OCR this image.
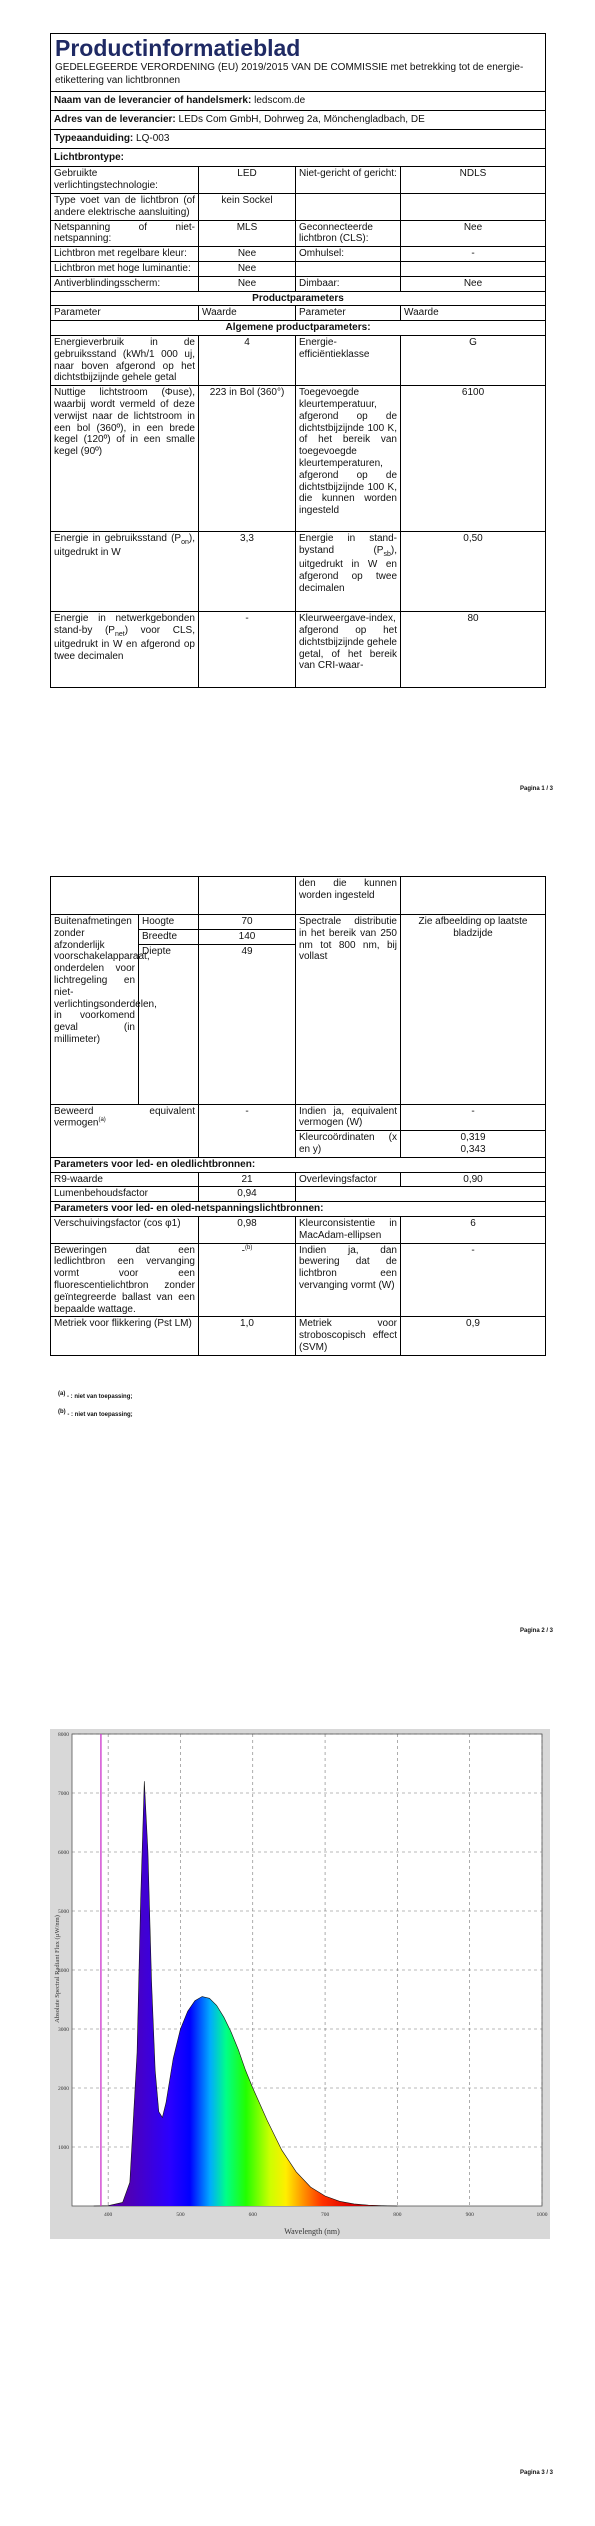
Productinformatieblad
GEDELEGEERDE VERORDENING (EU) 2019/2015 VAN DE COMMISSIE met betrekking tot de energie-etikettering van lichtbronnen			

Naam van de leverancier of handelsmerk: ledscom.de			
Adres van de leverancier: LEDs Com GmbH, Dohrweg 2a, Mönchengladbach, DE			
Typeaanduiding: LQ-003			
Lichtbrontype:			
Gebruikte verlichtingstechnologie:	LED	Niet-gericht of gericht:	NDLS
Type voet van de lichtbron (of andere elektrische aansluiting)	kein Sockel		
Netspanning of niet-netspanning:	MLS	Geconnecteerde lichtbron (CLS):	Nee
Lichtbron met regelbare kleur:	Nee	Omhulsel:	-
Lichtbron met hoge luminantie:	Nee		
Antiverblindingsscherm:	Nee	Dimbaar:	Nee
Productparameters			
Parameter	Waarde	Parameter	Waarde
Algemene productparameters:			
Energieverbruik in de gebruiksstand (kWh/1 000 uj, naar boven afgerond op het dichtstbijzijnde gehele getal	4	Energie-efficiëntieklasse	G
Nuttige lichtstroom (Φuse), waarbij wordt vermeld of deze verwijst naar de lichtstroom in een bol (360º), in een brede kegel (120º) of in een smalle kegel (90º)	223 in Bol (360°)	Toegevoegde kleurtemperatuur, afgerond op de dichtstbijzijnde 100 K, of het bereik van toegevoegde kleurtemperaturen, afgerond op de dichtstbijzijnde 100 K, die kunnen worden ingesteld	6100
Energie in gebruiksstand $(P_{on})$, uitgedrukt in W	3,3	Energie in stand-bystand $(P_{sb})$, uitgedrukt in W en afgerond op twee decimalen	0,50
Energie in netwerkgebonden stand-by $(P_{net})$ voor CLS, uitgedrukt in W en afgerond op twee decimalen	-	Kleurweergave-index, afgerond op het dichtstbijzijnde gehele getal, of het bereik van CRI-waar-	80
Pagina 1 / 3
			den die kunnen worden ingesteld	
Buitenafmetingen zonder afzonderlijk voorschakelapparaat, onderdelen voor lichtregeling en niet-verlichtingsonderdelen, in voorkomend geval (in millimeter)	Hoogte	70	Spectrale distributie in het bereik van 250 nm tot 800 nm, bij vollast	Zie afbeelding op laatste bladzijde
	Breedte	140		
	Diepte	49		
Beweerd equivalent vermogen$^{(a)}$		-	Indien ja, equivalent vermogen (W)	-
			Kleurcoördinaten (x en y)	0,319
0,343

Parameters voor led- en oledlichtbronnen:				
R9-waarde		21	Overlevingsfactor	0,90
Lumenbehoudsfactor		0,94		
Parameters voor led- en oled-netspanningslichtbronnen:				
Verschuivingsfactor (cos φ1)		0,98	Kleurconsistentie in MacAdam-ellipsen	6
Beweringen dat een ledlichtbron een vervanging vormt voor een fluorescentielichtbron zonder geïntegreerde ballast van een bepaalde wattage.		-$^{(b)}$	Indien ja, dan bewering dat de lichtbron een vervanging vormt (W)	-
Metriek voor flikkering (Pst LM)		1,0	Metriek voor stroboscopisch effect (SVM)	0,9
(a) - : niet van toepassing;
(b) - : niet van toepassing;
Pagina 2 / 3
1000
2000
3000
4000
5000
6000
7000
8000
400	500	600	700	800	900	1000
Absolute Spectral Radiant Flux (µW/nm)
Wavelength (nm)
Pagina 3 / 3
